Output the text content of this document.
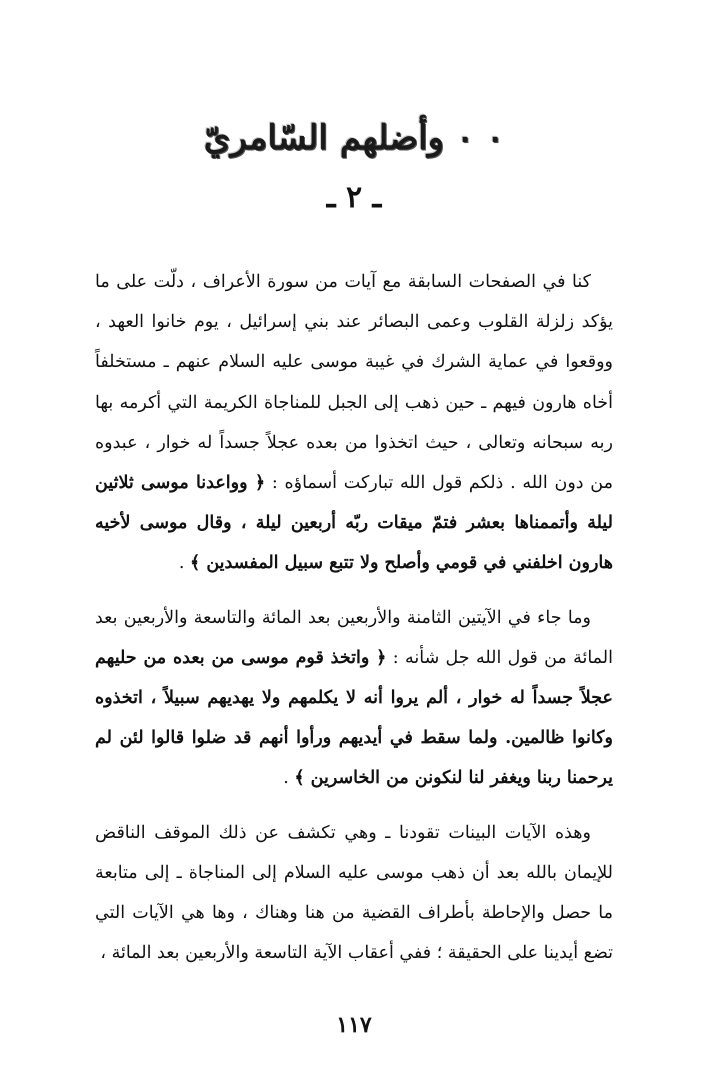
٠ ٠ وأضلهم السّامريّ
ـ ٢ ـ

كنا في الصفحات السابقة مع آيات من سورة الأعراف ، دلّت على ما يؤكد زلزلة القلوب وعمى البصائر عند بني إسرائيل ، يوم خانوا العهد ، ووقعوا في عماية الشرك في غيبة موسى عليه السلام عنهم ـ مستخلفاً أخاه هارون فيهم ـ حين ذهب إلى الجبل للمناجاة الكريمة التي أكرمه بها ربه سبحانه وتعالى ، حيث اتخذوا من بعده عجلاً جسداً له خوار ، عبدوه من دون الله . ذلكم قول الله تباركت أسماؤه : ﴿ وواعدنا موسى ثلاثين ليلة وأتممناها بعشر فتمّ ميقات ربّه أربعين ليلة ، وقال موسى لأخيه هارون اخلفني في قومي وأصلح ولا تتبع سبيل المفسدين ﴾ .

وما جاء في الآيتين الثامنة والأربعين بعد المائة والتاسعة والأربعين بعد المائة من قول الله جل شأنه : ﴿ واتخذ قوم موسى من بعده من حليهم عجلاً جسداً له خوار ، ألم يروا أنه لا يكلمهم ولا يهديهم سبيلاً ، اتخذوه وكانوا ظالمين. ولما سقط في أيديهم ورأوا أنهم قد ضلوا قالوا لئن لم يرحمنا ربنا ويغفر لنا لنكونن من الخاسرين ﴾ .

وهذه الآيات البينات تقودنا ـ وهي تكشف عن ذلك الموقف الناقض للإيمان بالله بعد أن ذهب موسى عليه السلام إلى المناجاة ـ إلى متابعة ما حصل والإحاطة بأطراف القضية من هنا وهناك ، وها هي الآيات التي تضع أيدينا على الحقيقة ؛ ففي أعقاب الآية التاسعة والأربعين بعد المائة ،

١١٧
